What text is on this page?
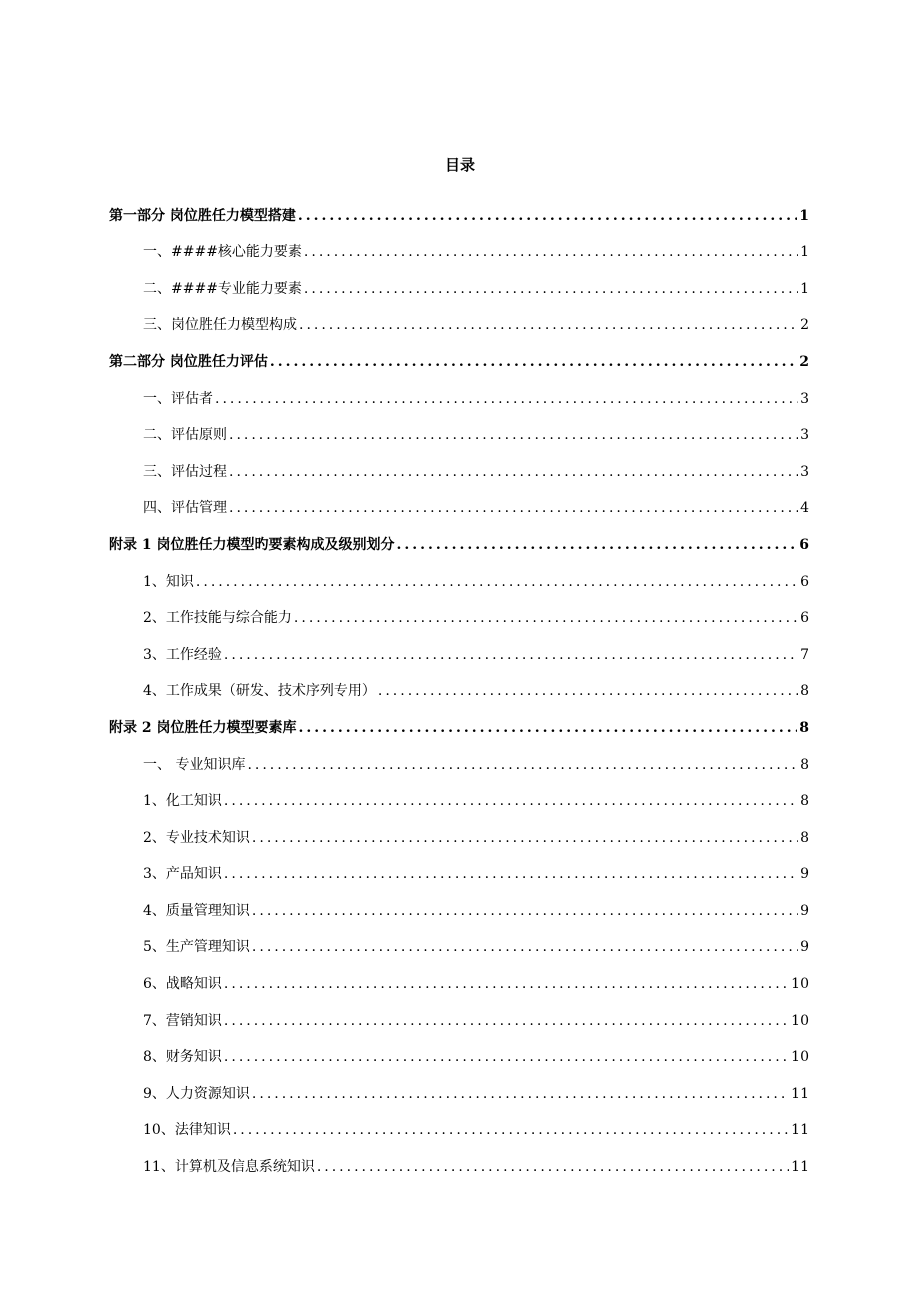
目录
第一部分 岗位胜任力模型搭建 .....	1
一、####核心能力要素 .....	1
二、####专业能力要素 .....	1
三、岗位胜任力模型构成 .....	2
第二部分 岗位胜任力评估 .....	2
一、评估者 .....	3
二、评估原则 .....	3
三、评估过程 .....	3
四、评估管理 .....	4
附录 1 岗位胜任力模型旳要素构成及级别划分 .....	6
1、知识 .....	6
2、工作技能与综合能力 .....	6
3、工作经验 .....	7
4、工作成果（研发、技术序列专用） .....	8
附录 2 岗位胜任力模型要素库 .....	8
一、 专业知识库 .....	8
1、化工知识 .....	8
2、专业技术知识 .....	8
3、产品知识 .....	9
4、质量管理知识 .....	9
5、生产管理知识 .....	9
6、战略知识 .....	10
7、营销知识 .....	10
8、财务知识 .....	10
9、人力资源知识 .....	11
10、法律知识 .....	11
11、计算机及信息系统知识 .....	11
